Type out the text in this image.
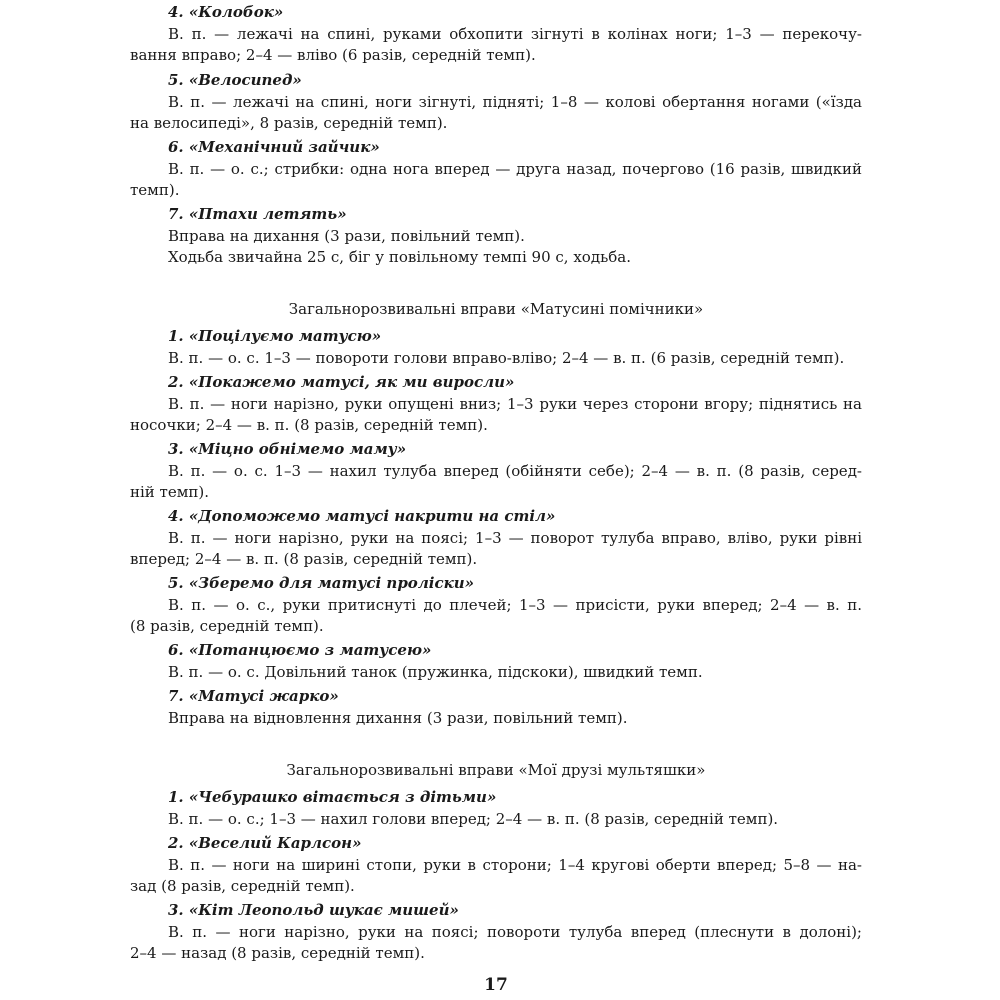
4. «Колобок»
В. п. — лежачі на спині, руками обхопити зігнуті в колінах ноги; 1–3 — перекочу-
вання вправо; 2–4 — вліво (6 разів, середній темп).
5. «Велосипед»
В. п. — лежачі на спині, ноги зігнуті, підняті; 1–8 — колові обертання ногами («їзда
на велосипеді», 8 разів, середній темп).
6. «Механічний зайчик»
В. п. — о. с.; стрибки: одна нога вперед — друга назад, почергово (16 разів, швидкий
темп).
7. «Птахи летять»
Вправа на дихання (3 рази, повільний темп).
Ходьба звичайна 25 с, біг у повільному темпі 90 с, ходьба.
Загальнорозвивальні вправи «Матусині помічники»
1. «Поцілуємо матусю»
В. п. — о. с. 1–3 — повороти голови вправо-вліво; 2–4 — в. п. (6 разів, середній темп).
2. «Покажемо матусі, як ми виросли»
В. п. — ноги нарізно, руки опущені вниз; 1–3 руки через сторони вгору; піднятись на
носочки; 2–4 — в. п. (8 разів, середній темп).
3. «Міцно обнімемо маму»
В. п. — о. с. 1–3 — нахил тулуба вперед (обійняти себе); 2–4 — в. п. (8 разів, серед-
ній темп).
4. «Допоможемо матусі накрити на стіл»
В. п. — ноги нарізно, руки на поясі; 1–3 — поворот тулуба вправо, вліво, руки рівні
вперед; 2–4 — в. п. (8 разів, середній темп).
5. «Зберемо для матусі проліски»
В. п. — о. с., руки притиснуті до плечей; 1–3 — присісти, руки вперед; 2–4 — в. п.
(8 разів, середній темп).
6. «Потанцюємо з матусею»
В. п. — о. с. Довільний танок (пружинка, підскоки), швидкий темп.
7. «Матусі жарко»
Вправа на відновлення дихання (3 рази, повільний темп).
Загальнорозвивальні вправи «Мої друзі мультяшки»
1. «Чебурашко вітається з дітьми»
В. п. — о. с.; 1–3 — нахил голови вперед; 2–4 — в. п. (8 разів, середній темп).
2. «Веселий Карлсон»
В. п. — ноги на ширині стопи, руки в сторони; 1–4 кругові оберти вперед; 5–8 — на-
зад (8 разів, середній темп).
3. «Кіт Леопольд шукає мишей»
В. п. — ноги нарізно, руки на поясі; повороти тулуба вперед (плеснути в долоні);
2–4 — назад (8 разів, середній темп).
17
